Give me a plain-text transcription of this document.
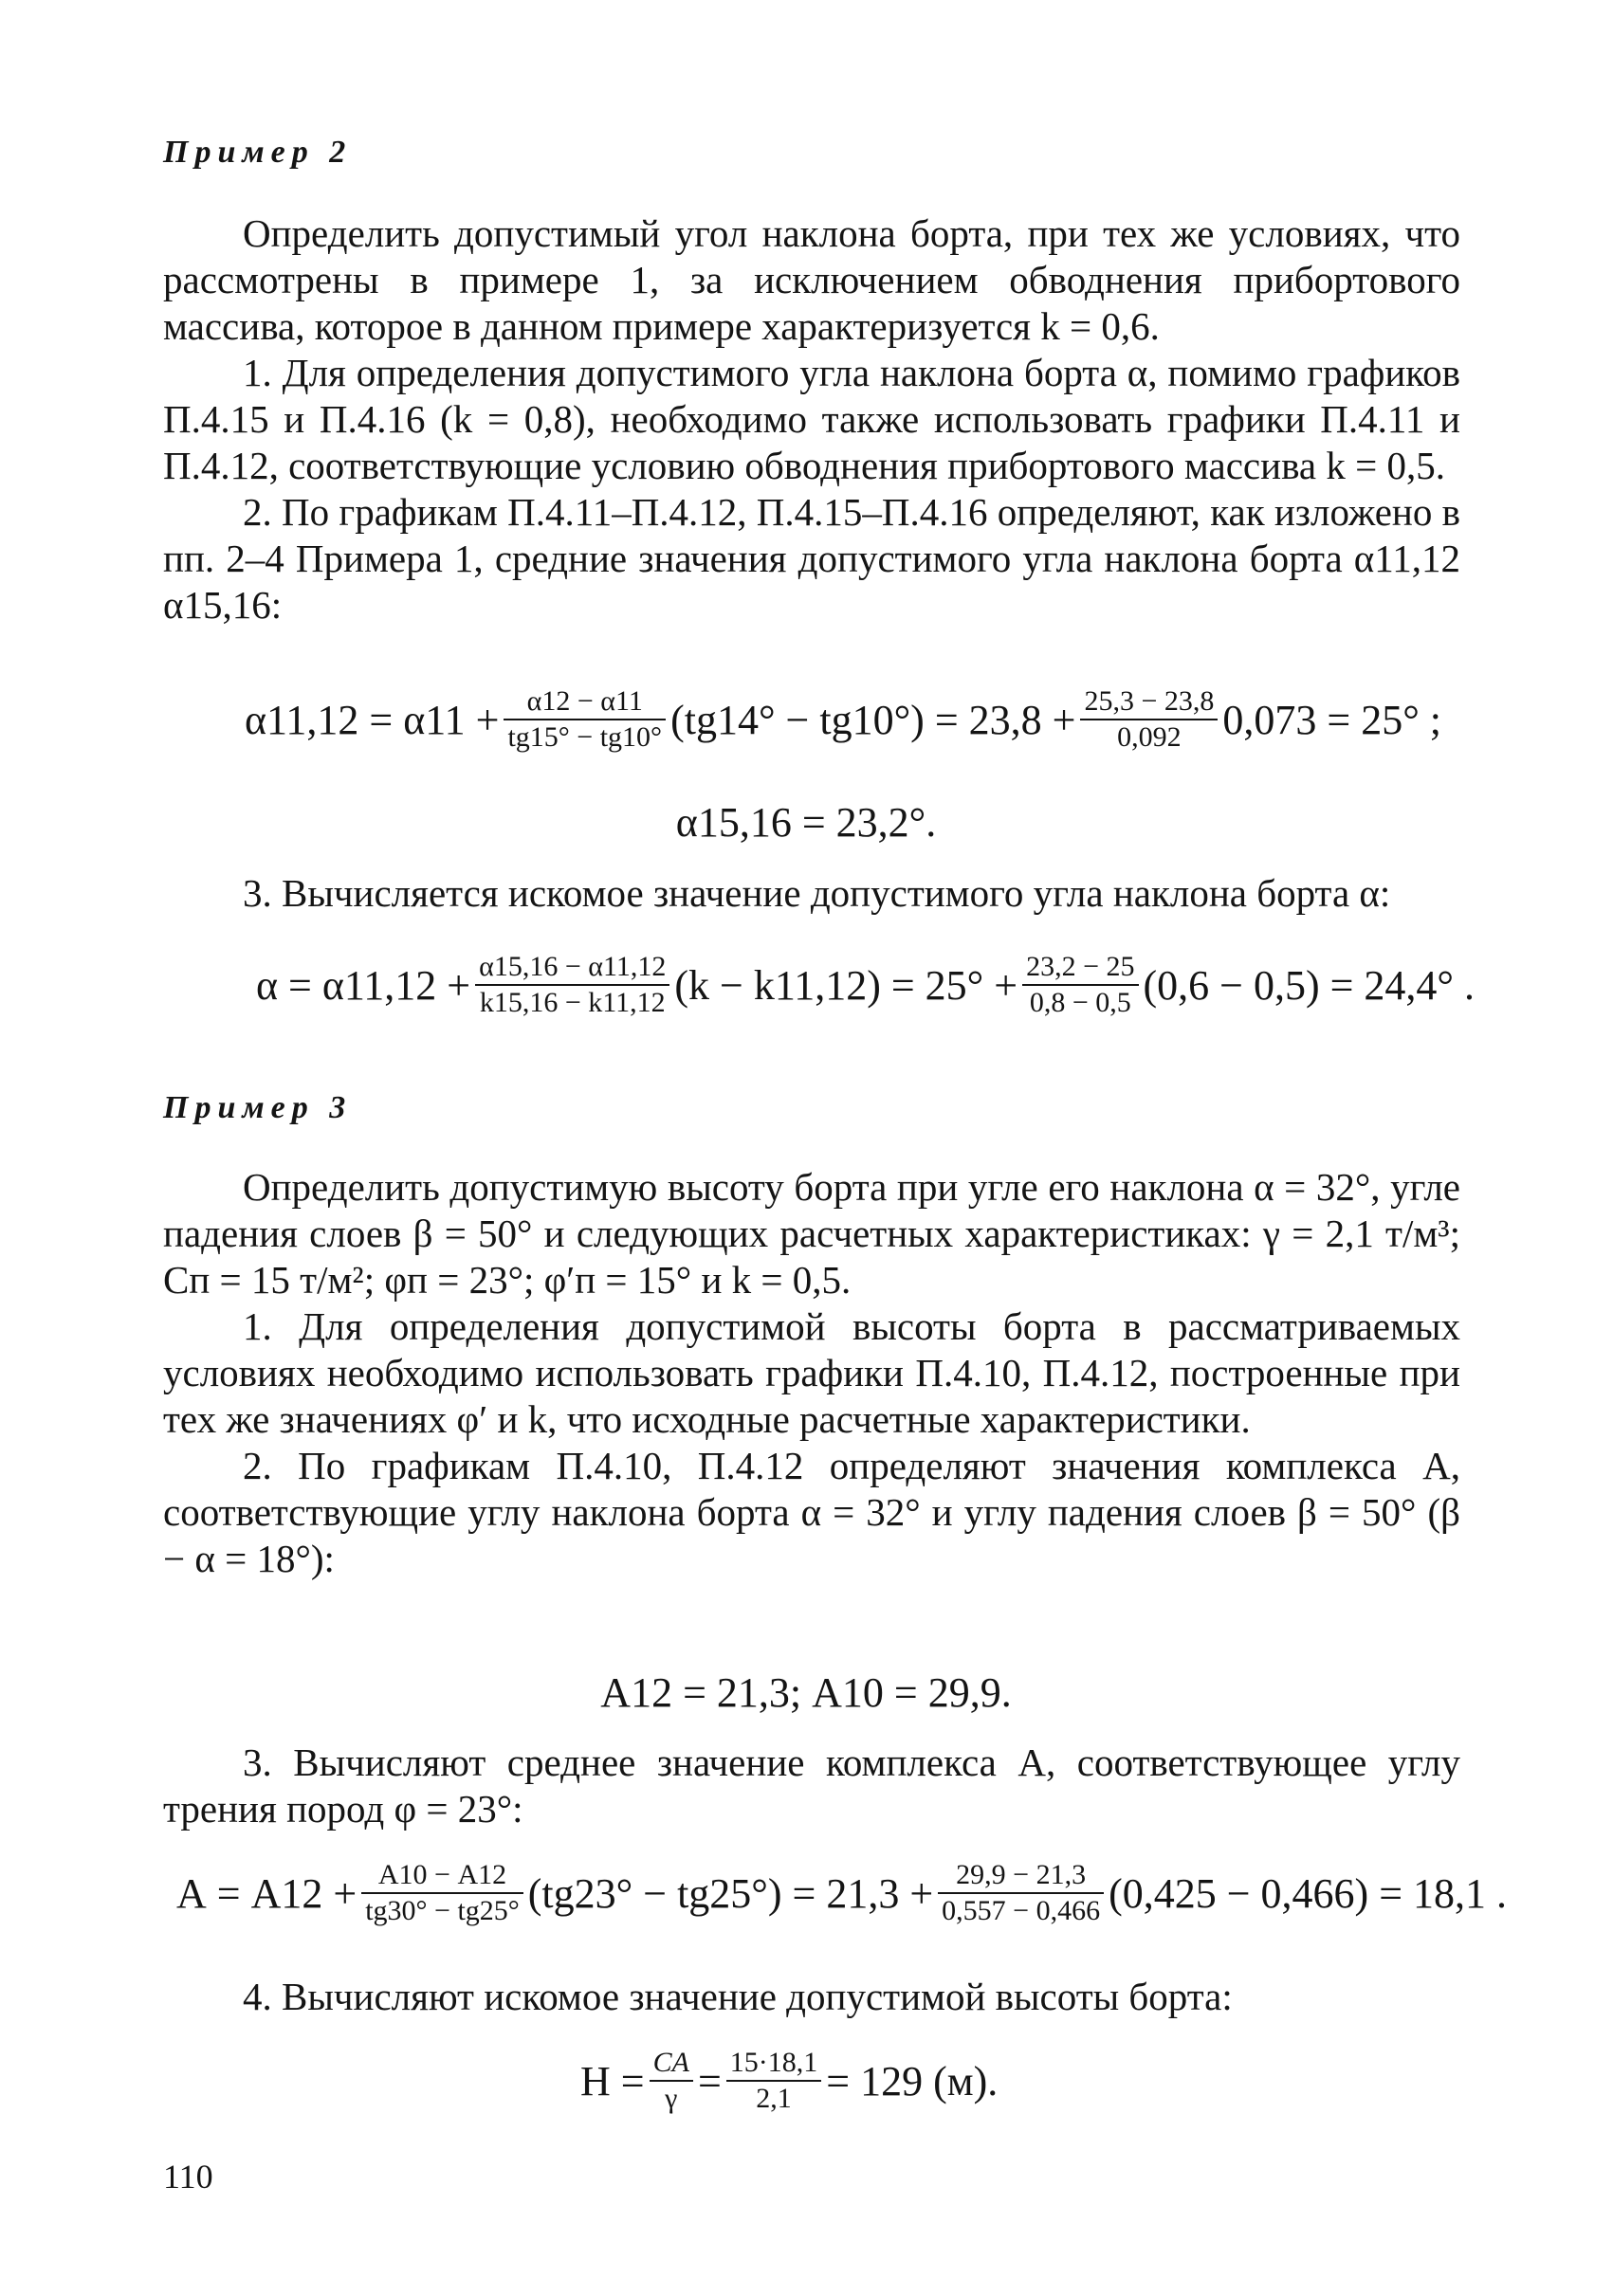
Пример 2

Определить допустимый угол наклона борта, при тех же условиях, что рассмотрены в примере 1, за исключением обводнения прибортового массива, которое в данном примере характеризуется k = 0,6.

1. Для определения допустимого угла наклона борта α, помимо графиков П.4.15 и П.4.16 (k = 0,8), необходимо также использовать графики П.4.11 и П.4.12, соответствующие условию обводнения прибортового массива k = 0,5.

2. По графикам П.4.11–П.4.12, П.4.15–П.4.16 определяют, как изложено в пп. 2–4 Примера 1, средние значения допустимого угла наклона борта α11,12 α15,16:

$\alpha 11,12 = \alpha 11 + \frac{\alpha 12 - \alpha 11}{tg15^\circ - tg10^\circ} (tg14^\circ - tg10^\circ) = 23,8 + \frac{25,3 - 23,8}{0,092} 0,073 = 25^\circ$ ;
α15,16 = 23,2°.

3. Вычисляется искомое значение допустимого угла наклона борта α:

$\alpha = \alpha 11,12 + \frac{\alpha 15,16 - \alpha 11,12}{k15,16 - k11,12} (k - k11,12) = 25^\circ + \frac{23,2 - 25}{0,8 - 0,5} (0,6 - 0,5) = 24,4^\circ$ .
Пример 3

Определить допустимую высоту борта при угле его наклона α = 32°, угле падения слоев β = 50° и следующих расчетных характеристиках: γ = 2,1 т/м³; Сп = 15 т/м²; φп = 23°; φ′п = 15° и k = 0,5.

1. Для определения допустимой высоты борта в рассматриваемых условиях необходимо использовать графики П.4.10, П.4.12, построенные при тех же значениях φ′ и k, что исходные расчетные характеристики.

2. По графикам П.4.10, П.4.12 определяют значения комплекса А, соответствующие углу наклона борта α = 32° и углу падения слоев β = 50° (β − α = 18°):

А12 = 21,3; А10 = 29,9.

3. Вычисляют среднее значение комплекса А, соответствующее углу трения пород φ = 23°:

$А = А12 + \frac{А10 - А12}{tg30^\circ - tg25^\circ} (tg23^\circ - tg25^\circ) = 21,3 + \frac{29,9 - 21,3}{0,557 - 0,466} (0,425 - 0,466) = 18,1$ .

4. Вычисляют искомое значение допустимой высоты борта:

$H = \frac{CA}{\gamma} = \frac{15\cdot 18,1}{2,1} = 129$ (м).
110
